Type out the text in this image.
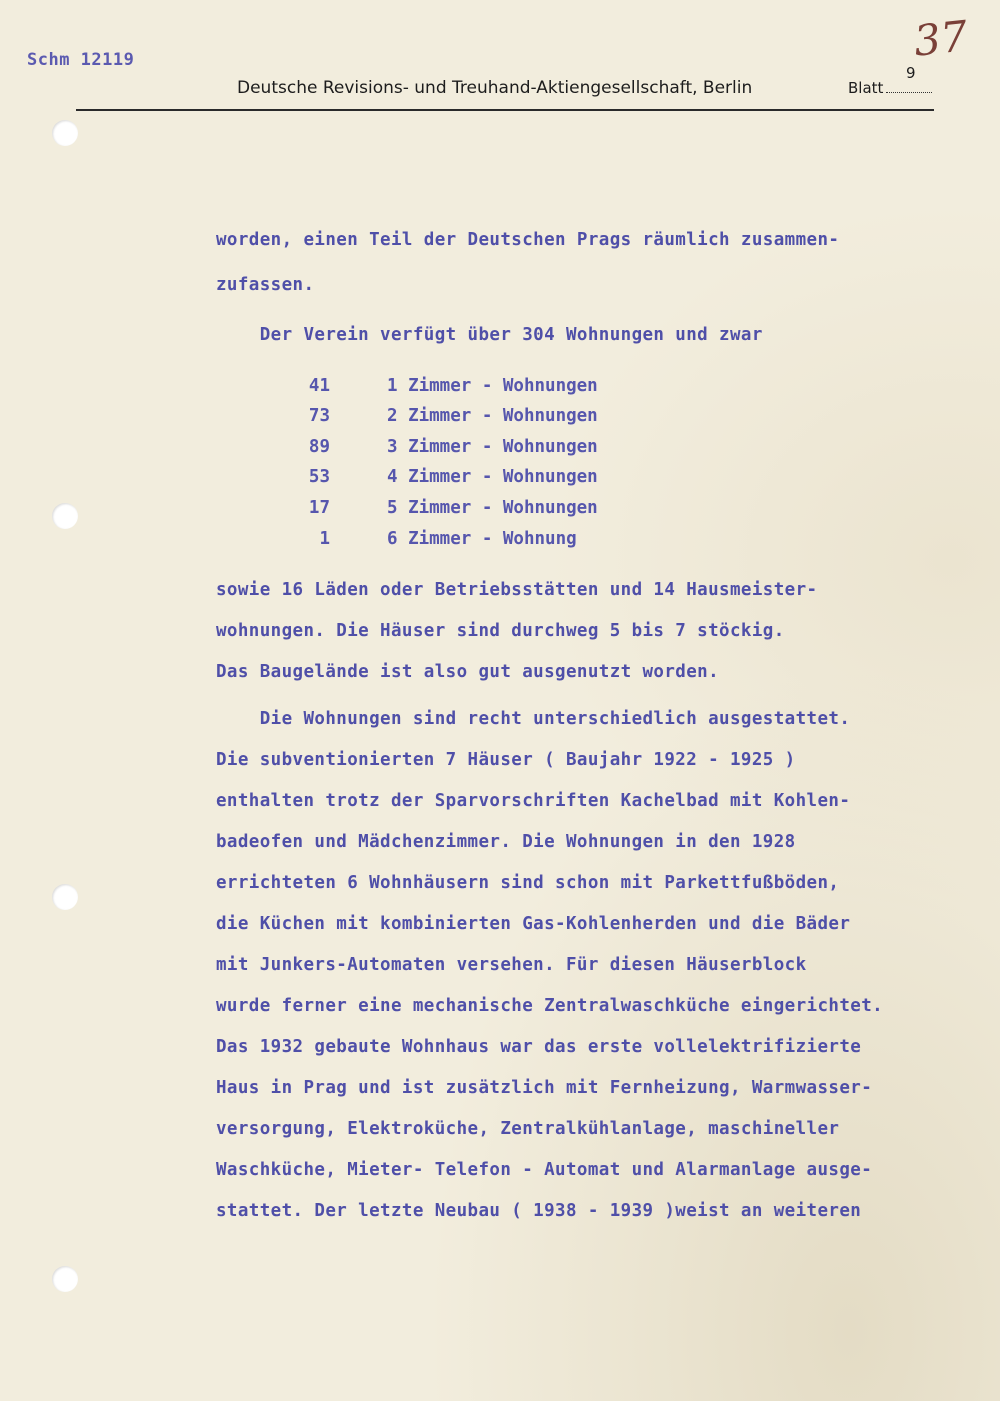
Schm 12119	37
9
Deutsche Revisions- und Treuhand-Aktiengesellschaft, Berlin	Blatt
worden, einen Teil der Deutschen Prags räumlich zusammen-
zufassen.
Der Verein verfügt über 304 Wohnungen und zwar
41	1 Zimmer - Wohnungen
73	2 Zimmer - Wohnungen
89	3 Zimmer - Wohnungen
53	4 Zimmer - Wohnungen
17	5 Zimmer - Wohnungen
1	6 Zimmer - Wohnung
sowie 16 Läden oder Betriebsstätten und 14 Hausmeister-
wohnungen. Die Häuser sind durchweg 5 bis 7 stöckig.
Das Baugelände ist also gut ausgenutzt worden.
Die Wohnungen sind recht unterschiedlich ausgestattet.
Die subventionierten 7 Häuser ( Baujahr 1922 - 1925 )
enthalten trotz der Sparvorschriften Kachelbad mit Kohlen-
badeofen und Mädchenzimmer. Die Wohnungen in den 1928
errichteten 6 Wohnhäusern sind schon mit Parkettfußböden,
die Küchen mit kombinierten Gas-Kohlenherden und die Bäder
mit Junkers-Automaten versehen. Für diesen Häuserblock
wurde ferner eine mechanische Zentralwaschküche eingerichtet.
Das 1932 gebaute Wohnhaus war das erste vollelektrifizierte
Haus in Prag und ist zusätzlich mit Fernheizung, Warmwasser-
versorgung, Elektroküche, Zentralkühlanlage, maschineller
Waschküche, Mieter- Telefon - Automat und Alarmanlage ausge-
stattet. Der letzte Neubau ( 1938 - 1939 )weist an weiteren
